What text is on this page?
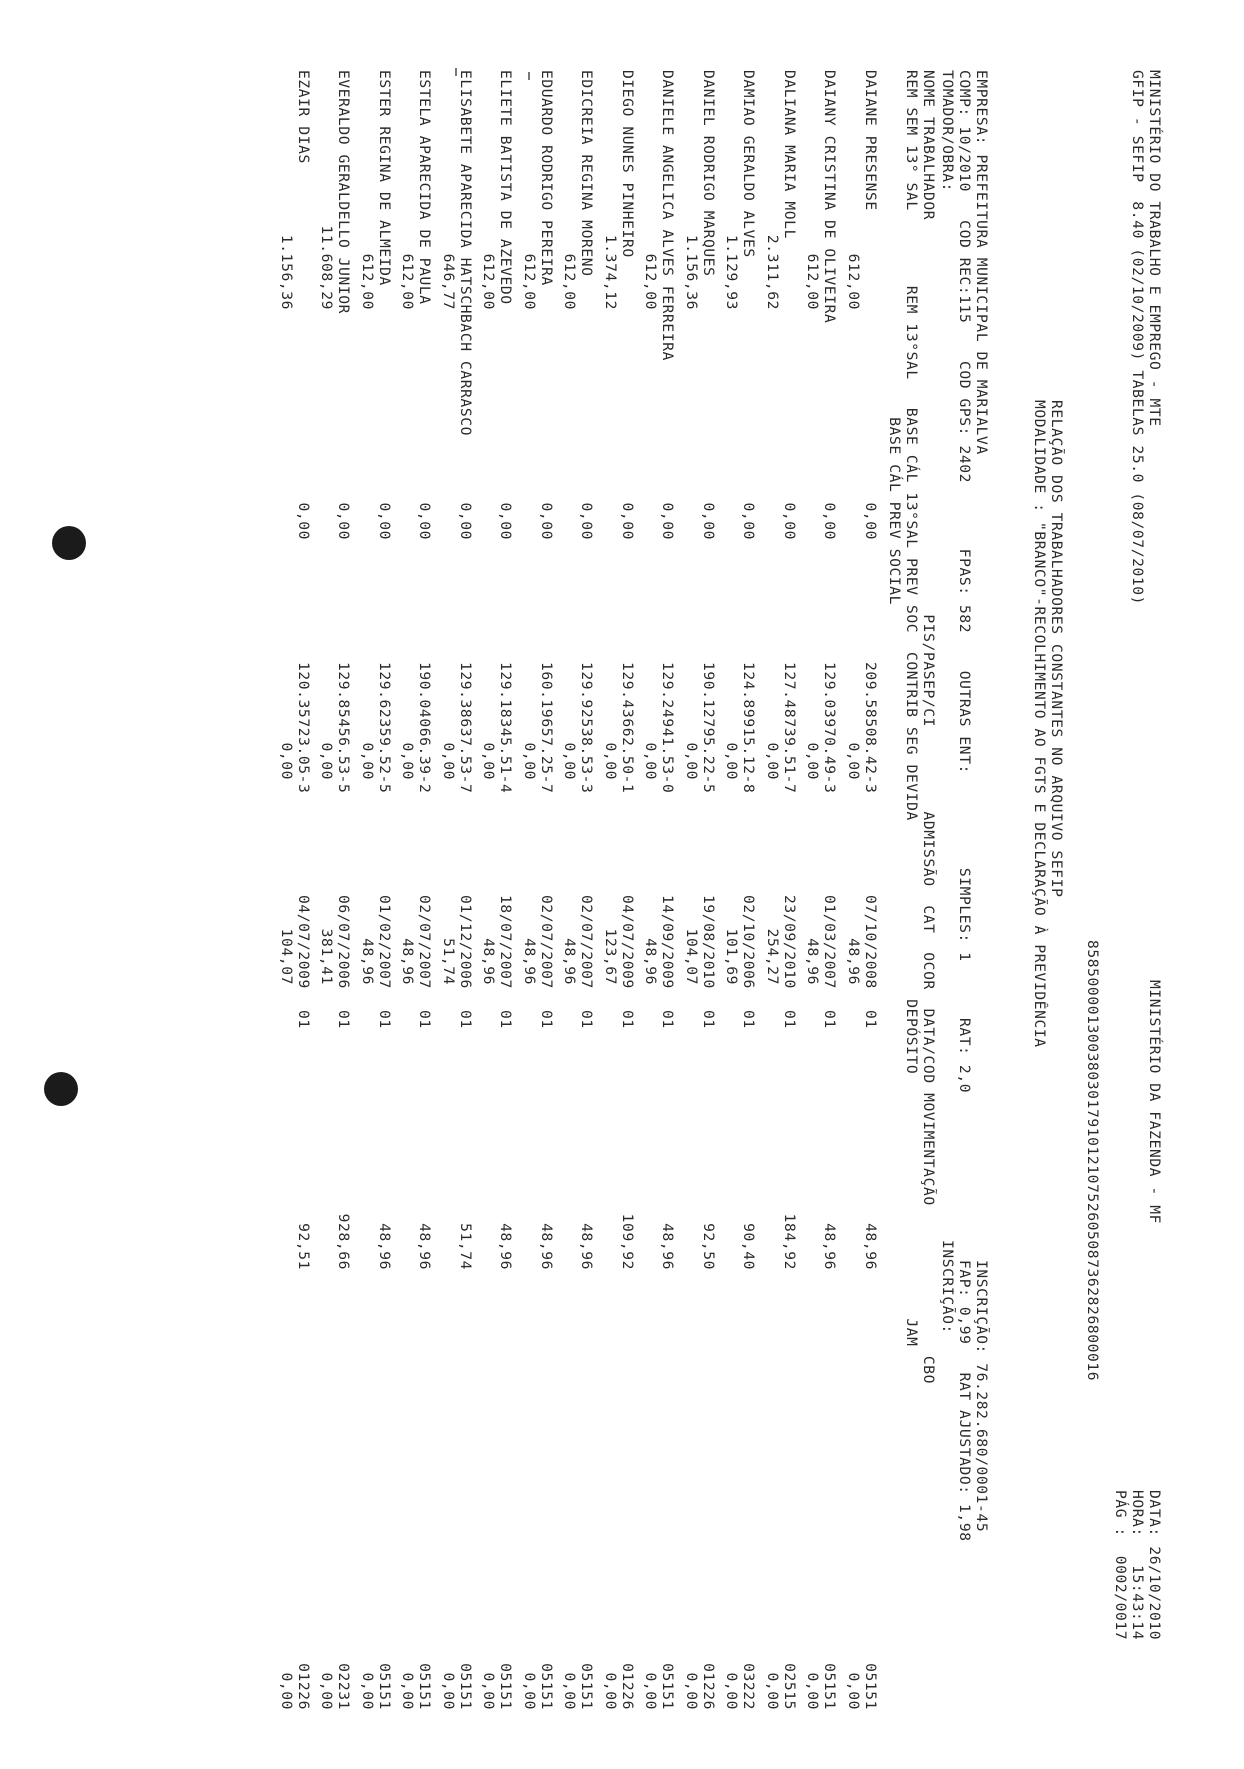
MINISTÉRIO DO TRABALHO E EMPREGO - MTE
MINISTÉRIO DA FAZENDA - MF
DATA: 26/10/2010
GFIP - SEFIP  8.40 (02/10/2009) TABELAS 25.0 (08/07/2010)
HORA:   15:43:14
PÁG :  0002/0017
85850000130038030179101210752605087362826800016
RELAÇÃO DOS TRABALHADORES CONSTANTES NO ARQUIVO SEFIP
MODALIDADE : "BRANCO"-RECOLHIMENTO AO FGTS E DECLARAÇÃO À PREVIDÊNCIA
EMPRESA: PREFEITURA MUNICIPAL DE MARIALVA
INSCRIÇÃO: 76.282.680/0001-45
COMP: 10/2010   COD REC:115    COD GPS: 2402       FPAS: 582    OUTRAS ENT:          SIMPLES: 1      RAT: 2,0
FAP: 0,99   RAT AJUSTADO: 1,98
TOMADOR/OBRA:
INSCRIÇÃO:
NOME TRABALHADOR                                          PIS/PASEP/CI         ADMISSÃO  CAT  OCOR  DATA/COD MOVIMENTAÇÃO                CBO
REM SEM 13° SAL        REM 13°SAL   BASE CÁL 13°SAL PREV SOC  CONTRIB SEG DEVIDA                   DEPÓSITO                          JAM
BASE CÁL PREV SOCIAL
DAIANE PRESENSE
209.58508.42-3
07/10/2008
01
05151
612,00
0,00
0,00
48,96
48,96
0,00
DAIANY CRISTINA DE OLIVEIRA
129.03970.49-3
01/03/2007
01
05151
612,00
0,00
0,00
48,96
48,96
0,00
DALIANA MARIA MOLL
127.48739.51-7
23/09/2010
01
02515
2.311,62
0,00
0,00
254,27
184,92
0,00
DAMIAO GERALDO ALVES
124.89915.12-8
02/10/2006
01
03222
1.129,93
0,00
0,00
101,69
90,40
0,00
DANIEL RODRIGO MARQUES
190.12795.22-5
19/08/2010
01
01226
1.156,36
0,00
0,00
104,07
92,50
0,00
DANIELE ANGELICA ALVES FERREIRA
129.24941.53-0
14/09/2009
01
05151
612,00
0,00
0,00
48,96
48,96
0,00
DIEGO NUNES PINHEIRO
129.43662.50-1
04/07/2009
01
01226
1.374,12
0,00
0,00
123,67
109,92
0,00
EDICREIA REGINA MORENO
129.92538.53-3
02/07/2007
01
05151
612,00
0,00
0,00
48,96
48,96
0,00
EDUARDO RODRIGO PEREIRA
160.19657.25-7
02/07/2007
01
05151
612,00
0,00
0,00
48,96
48,96
0,00
ELIETE BATISTA DE AZEVEDO
129.18345.51-4
18/07/2007
01
05151
612,00
0,00
0,00
48,96
48,96
0,00
ELISABETE APARECIDA HATSCHBACH CARRASCO
129.38637.53-7
01/12/2006
01
05151
646,77
0,00
0,00
51,74
51,74
0,00
ESTELA APARECIDA DE PAULA
190.04066.39-2
02/07/2007
01
05151
612,00
0,00
0,00
48,96
48,96
0,00
ESTER REGINA DE ALMEIDA
129.62359.52-5
01/02/2007
01
05151
612,00
0,00
0,00
48,96
48,96
0,00
EVERALDO GERALDELLO JUNIOR
129.85456.53-5
06/07/2006
01
02231
11.608,29
0,00
0,00
381,41
928,66
0,00
EZAIR DIAS
120.35723.05-3
04/07/2009
01
01226
1.156,36
0,00
0,00
104,07
92,51
0,00
